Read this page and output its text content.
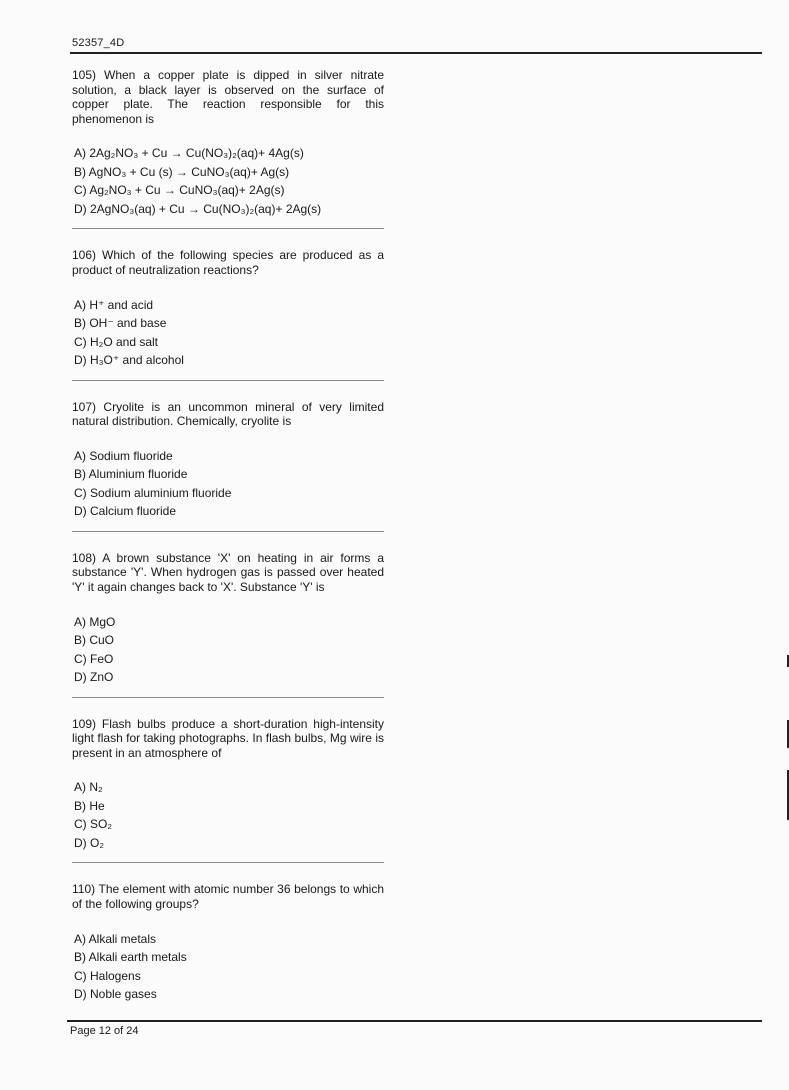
52357_4D

105) When a copper plate is dipped in silver nitrate solution, a black layer is observed on the surface of copper plate. The reaction responsible for this phenomenon is

A) 2Ag₂NO₃ + Cu → Cu(NO₃)₂(aq)+ 4Ag(s)
B) AgNO₃ + Cu (s) → CuNO₃(aq)+ Ag(s)
C) Ag₂NO₃ + Cu → CuNO₃(aq)+ 2Ag(s)
D) 2AgNO₃(aq) + Cu → Cu(NO₃)₂(aq)+ 2Ag(s)

106) Which of the following species are produced as a product of neutralization reactions?

A) H⁺ and acid
B) OH⁻ and base
C) H₂O and salt
D) H₃O⁺ and alcohol

107) Cryolite is an uncommon mineral of very limited natural distribution. Chemically, cryolite is

A) Sodium fluoride
B) Aluminium fluoride
C) Sodium aluminium fluoride
D) Calcium fluoride

108) A brown substance 'X' on heating in air forms a substance 'Y'. When hydrogen gas is passed over heated 'Y' it again changes back to 'X'. Substance 'Y' is

A) MgO
B) CuO
C) FeO
D) ZnO

109) Flash bulbs produce a short-duration high-intensity light flash for taking photographs. In flash bulbs, Mg wire is present in an atmosphere of

A) N₂
B) He
C) SO₂
D) O₂

110) The element with atomic number 36 belongs to which of the following groups?

A) Alkali metals
B) Alkali earth metals
C) Halogens
D) Noble gases
Page 12 of 24
